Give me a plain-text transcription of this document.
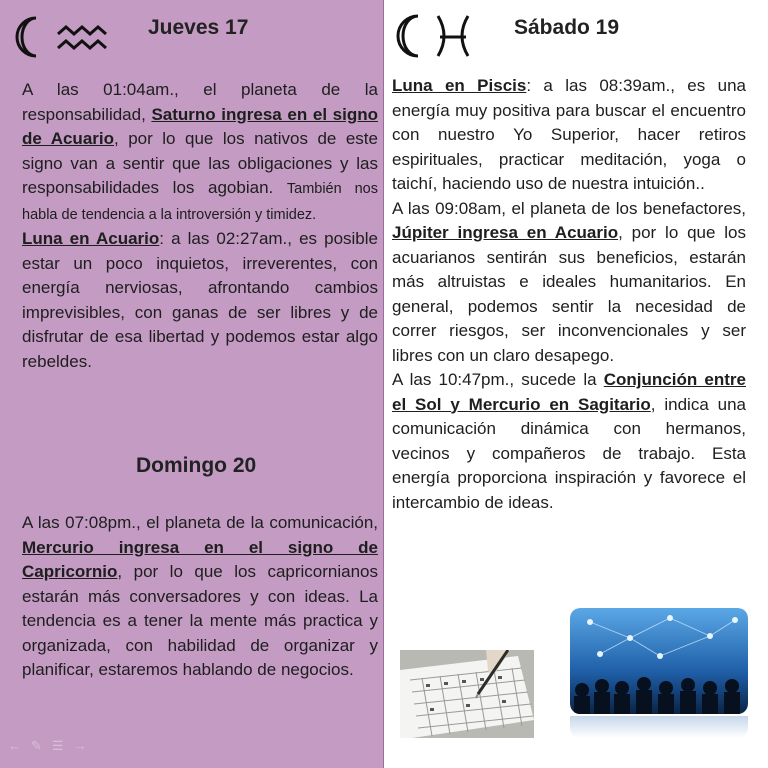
Jueves 17

A las 01:04am., el planeta de la responsabilidad, Saturno ingresa en el signo de Acuario, por lo que los nativos de este signo van a sentir que las obligaciones y las responsabilidades los agobian. También nos habla de tendencia a la introversión y timidez.

Luna en Acuario: a las 02:27am., es posible estar un poco inquietos, irreverentes, con energía nerviosas, afrontando cambios imprevisibles, con ganas de ser libres y de disfrutar de esa libertad y podemos estar algo rebeldes.

Domingo 20

A las 07:08pm., el planeta de la comunicación, Mercurio ingresa en el signo de Capricornio, por lo que los capricornianos estarán más conversadores y con ideas. La tendencia es a tener la mente más practica y organizada, con habilidad de organizar y planificar, estaremos hablando de negocios.

← ✎ ☰ →
Sábado 19

Luna en Piscis: a las 08:39am., es una energía muy positiva para buscar el encuentro con nuestro Yo Superior, hacer retiros espirituales, practicar meditación, yoga o taichí, haciendo uso de nuestra intuición..

A las 09:08am, el planeta de los benefactores, Júpiter ingresa en Acuario, por lo que los acuarianos sentirán sus beneficios, estarán más altruistas e ideales humanitarios. En general, podemos sentir la necesidad de correr riesgos, ser inconvencionales y ser libres con un claro desapego.

A las 10:47pm., sucede la Conjunción entre el Sol y Mercurio en Sagitario, indica una comunicación dinámica con hermanos, vecinos y compañeros de trabajo. Esta energía proporciona inspiración y favorece el intercambio de ideas.
